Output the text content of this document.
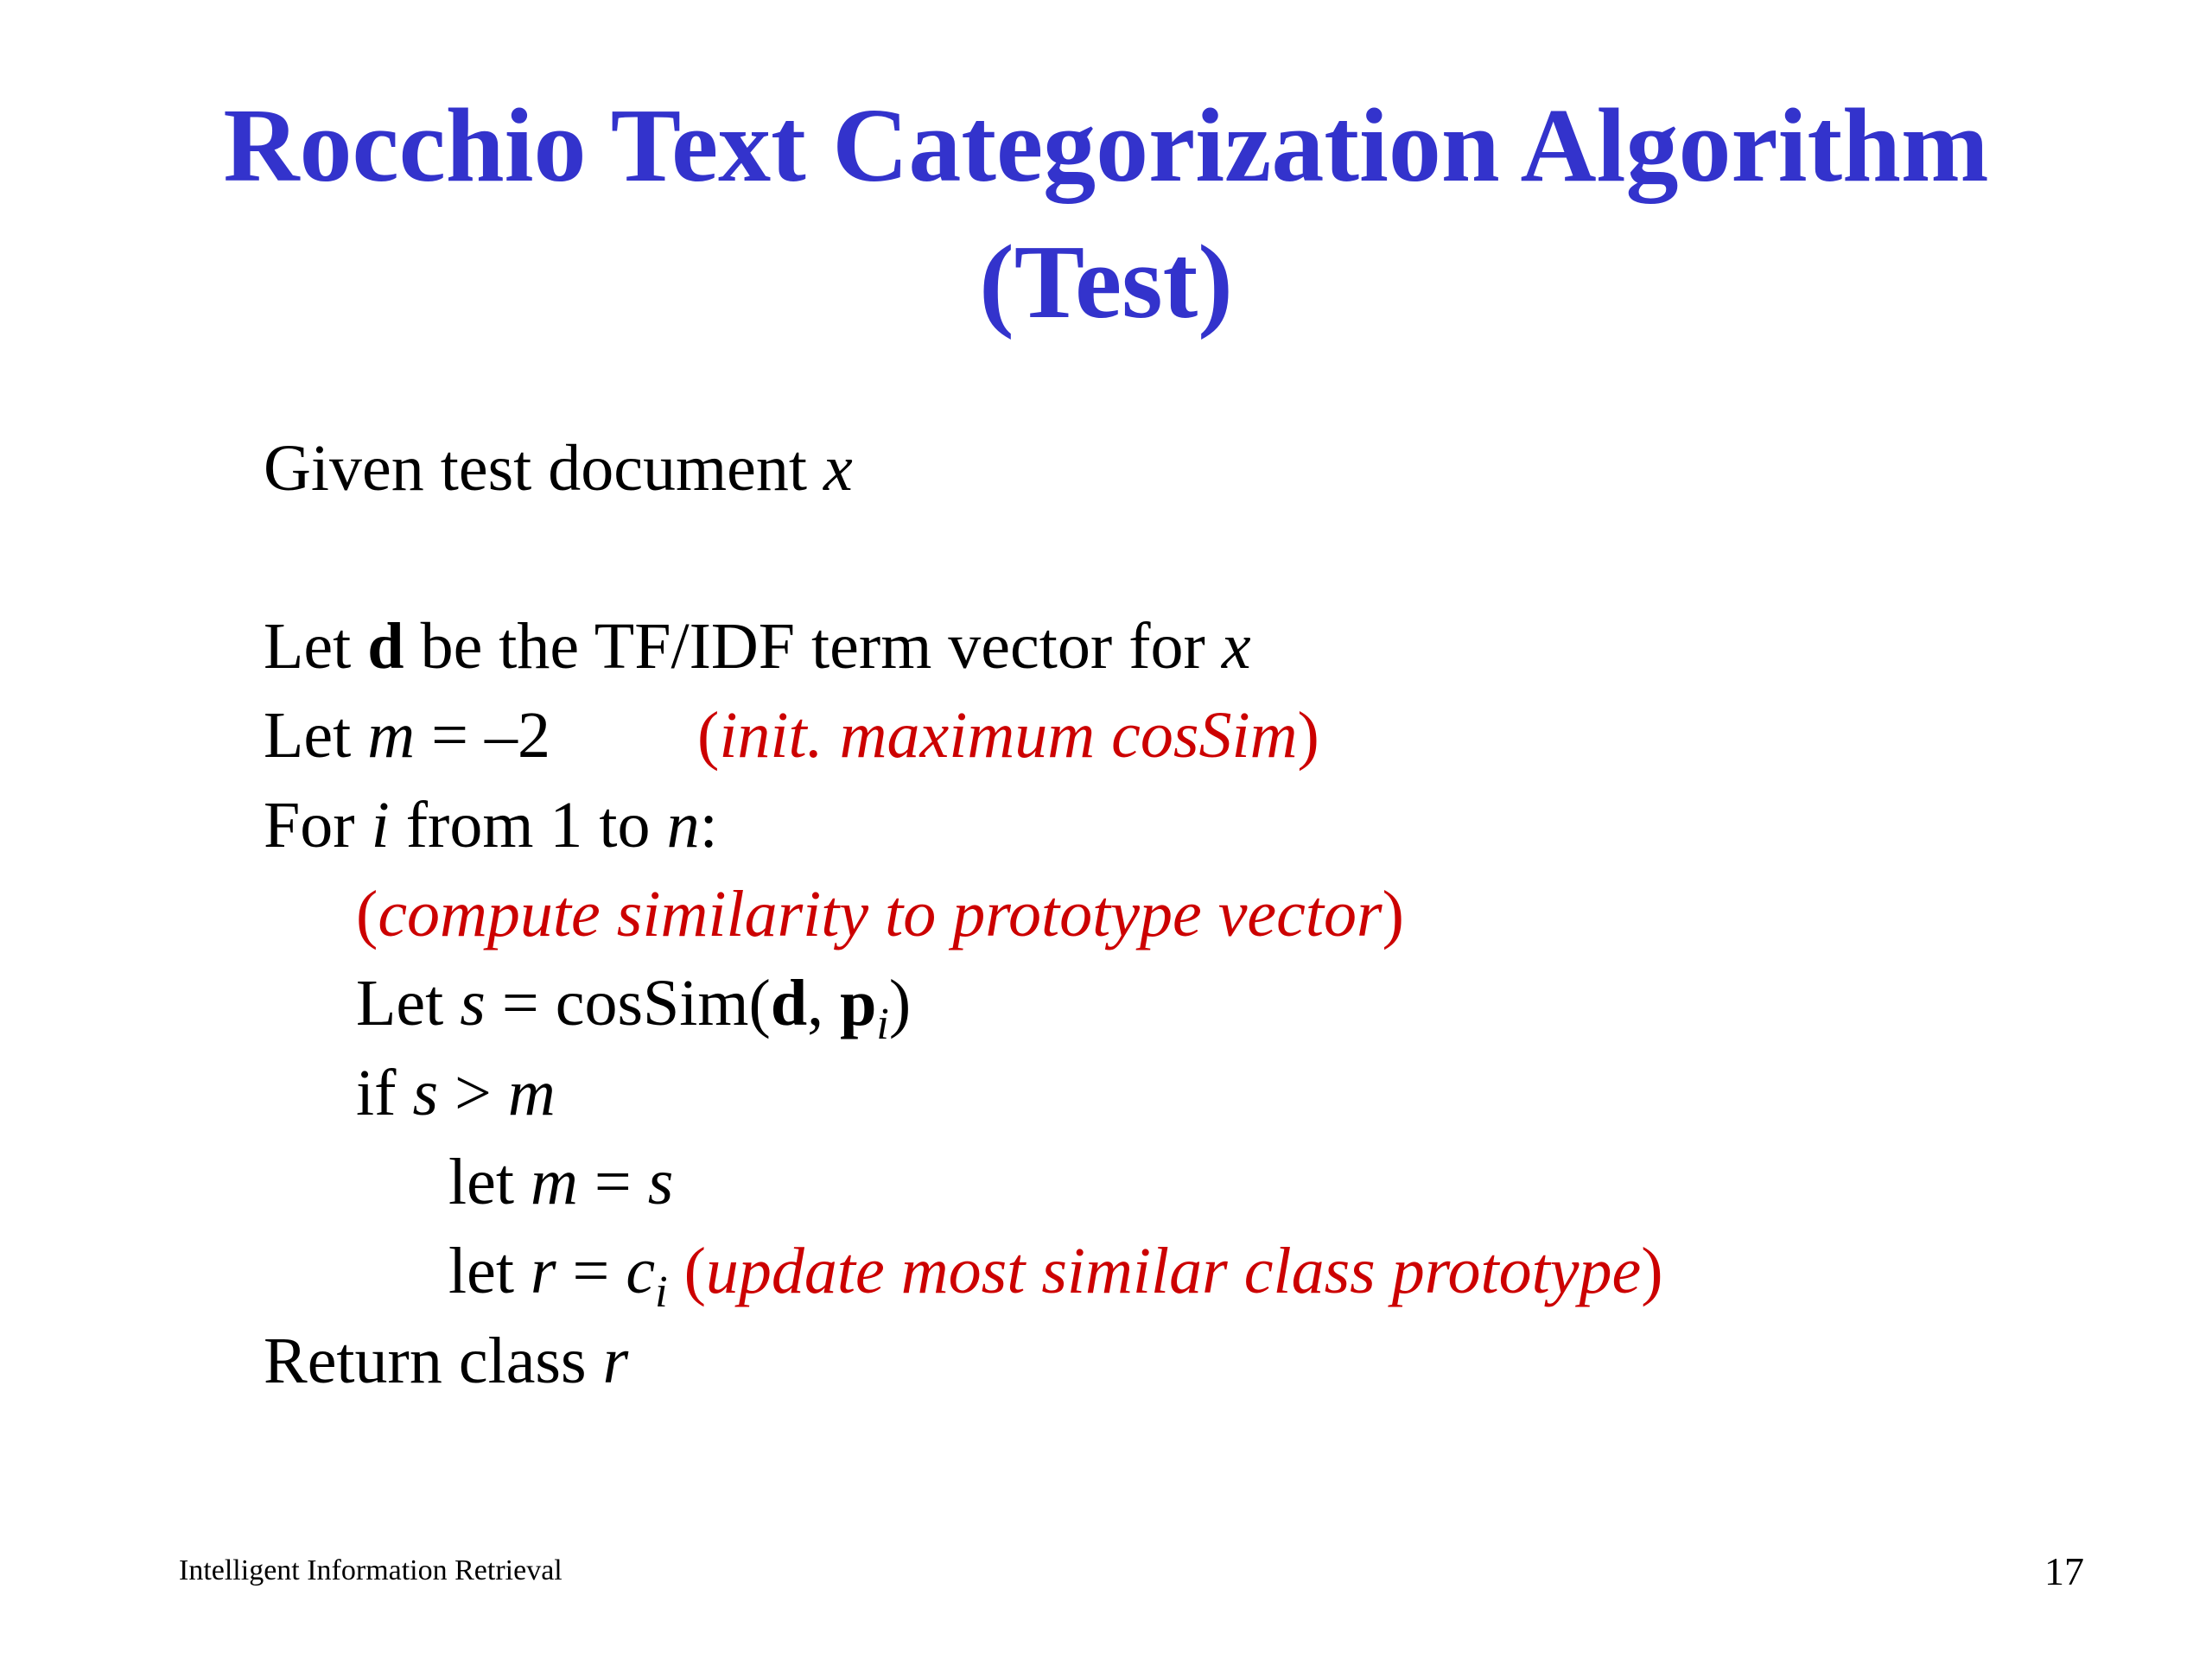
Rocchio Text Categorization Algorithm
(Test)
Given test document x
Let d be the TF/IDF term vector for x
Let m = –2 (init. maximum cosSim)
For i from 1 to n:
(compute similarity to prototype vector)
Let s = cosSim(d, $p_i$)
if s > m
let m = s
let $r = c_i$ (update most similar class prototype)
Return class r
Intelligent Information Retrieval	17
